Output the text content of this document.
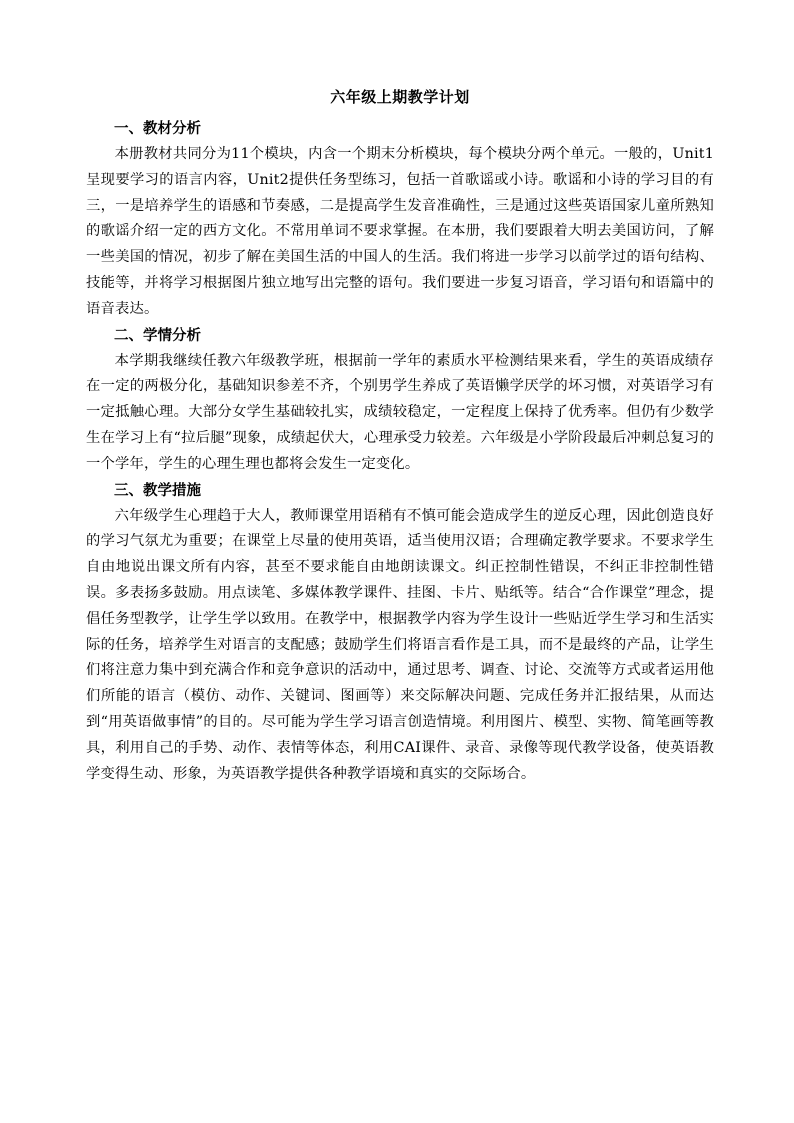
六年级上期教学计划
一、教材分析

本册教材共同分为11个模块，内含一个期末分析模块，每个模块分两个单元。一般的，Unit1呈现要学习的语言内容，Unit2提供任务型练习，包括一首歌谣或小诗。歌谣和小诗的学习目的有三，一是培养学生的语感和节奏感，二是提高学生发音准确性，三是通过这些英语国家儿童所熟知的歌谣介绍一定的西方文化。不常用单词不要求掌握。在本册，我们要跟着大明去美国访问，了解一些美国的情况，初步了解在美国生活的中国人的生活。我们将进一步学习以前学过的语句结构、技能等，并将学习根据图片独立地写出完整的语句。我们要进一步复习语音，学习语句和语篇中的语音表达。

二、学情分析

本学期我继续任教六年级教学班，根据前一学年的素质水平检测结果来看，学生的英语成绩存在一定的两极分化，基础知识参差不齐，个别男学生养成了英语懒学厌学的坏习惯，对英语学习有一定抵触心理。大部分女学生基础较扎实，成绩较稳定，一定程度上保持了优秀率。但仍有少数学生在学习上有“拉后腿”现象，成绩起伏大，心理承受力较差。六年级是小学阶段最后冲刺总复习的一个学年，学生的心理生理也都将会发生一定变化。

三、教学措施

六年级学生心理趋于大人，教师课堂用语稍有不慎可能会造成学生的逆反心理，因此创造良好的学习气氛尤为重要；在课堂上尽量的使用英语，适当使用汉语；合理确定教学要求。不要求学生自由地说出课文所有内容，甚至不要求能自由地朗读课文。纠正控制性错误，不纠正非控制性错误。多表扬多鼓励。用点读笔、多媒体教学课件、挂图、卡片、贴纸等。结合“合作课堂”理念，提倡任务型教学，让学生学以致用。在教学中，根据教学内容为学生设计一些贴近学生学习和生活实际的任务，培养学生对语言的支配感；鼓励学生们将语言看作是工具，而不是最终的产品，让学生们将注意力集中到充满合作和竞争意识的活动中，通过思考、调查、讨论、交流等方式或者运用他们所能的语言（模仿、动作、关键词、图画等）来交际解决问题、完成任务并汇报结果，从而达到“用英语做事情”的目的。尽可能为学生学习语言创造情境。利用图片、模型、实物、简笔画等教具，利用自己的手势、动作、表情等体态，利用CAI课件、录音、录像等现代教学设备，使英语教学变得生动、形象，为英语教学提供各种教学语境和真实的交际场合。
